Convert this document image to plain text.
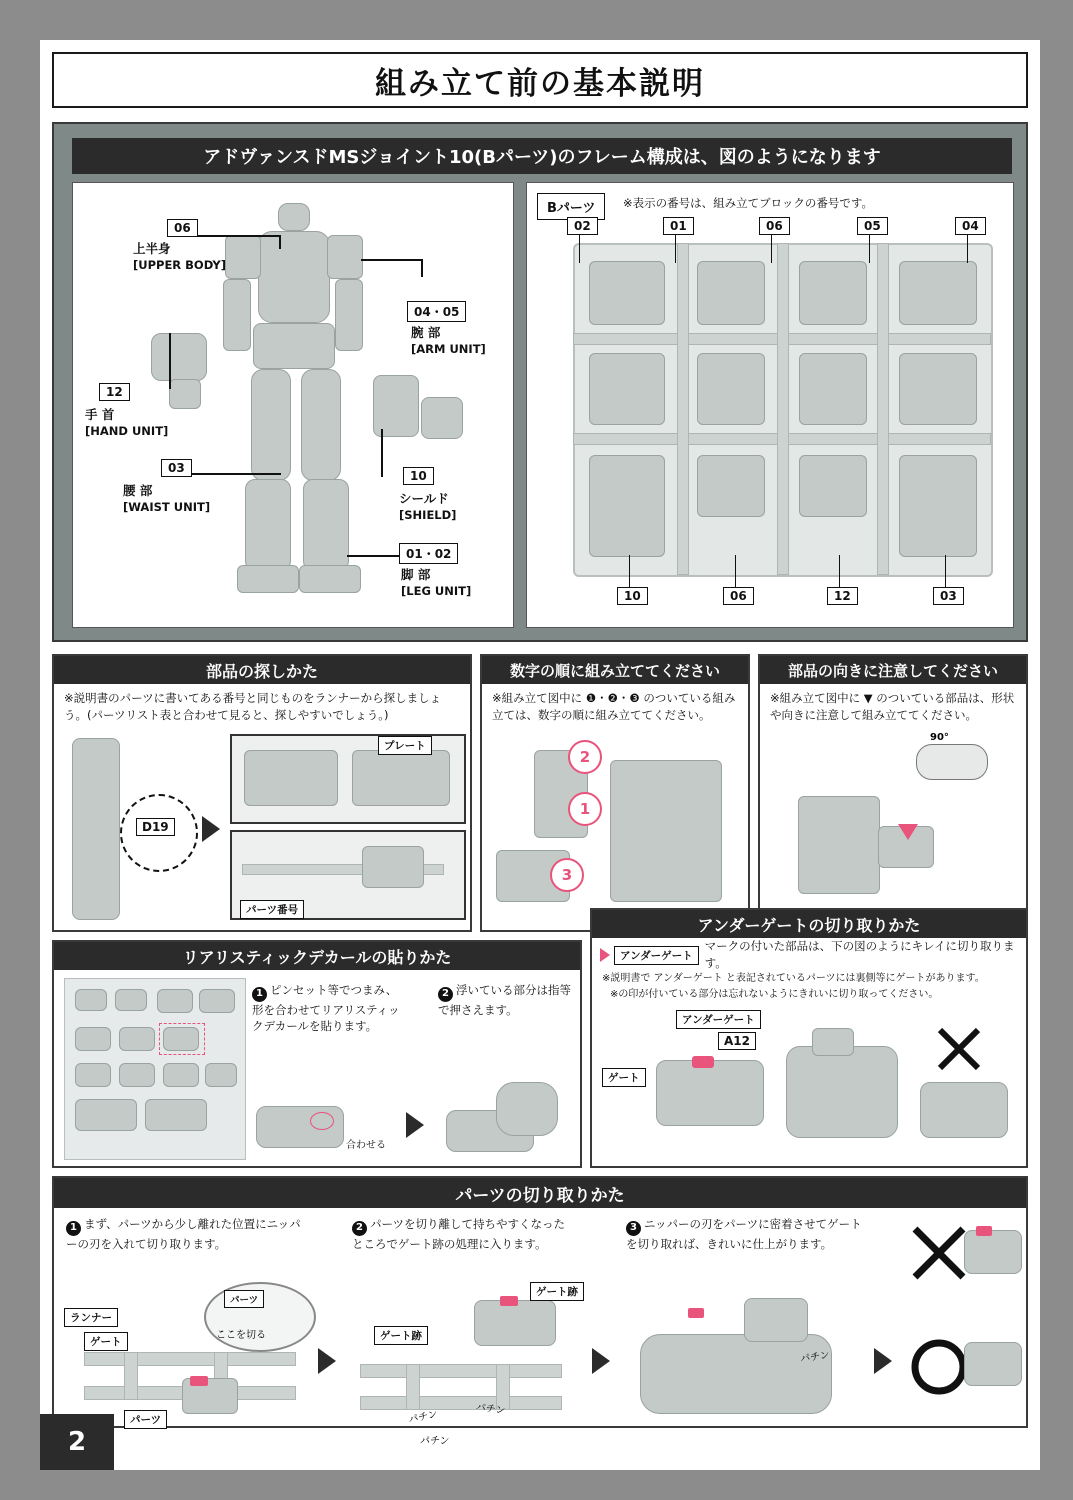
組み立て前の基本説明
アドヴァンスドMSジョイント10(Bパーツ)のフレーム構成は、図のようになります
06
上半身
[UPPER BODY]
04・05
腕 部
[ARM UNIT]
12
手 首
[HAND UNIT]
10
シールド
[SHIELD]
03
腰 部
[WAIST UNIT]
01・02
脚 部
[LEG UNIT]
Bパーツ	※表示の番号は、組み立てブロックの番号です。
02	01	06	05	04
10	06	12	03
部品の探しかた
※説明書のパーツに書いてある番号と同じものをランナーから探しましょう。(パーツリスト表と合わせて見ると、探しやすいでしょう。)
D19
プレート
パーツ番号
数字の順に組み立ててください
※組み立て図中に ❶・❷・❸ のついている組み立ては、数字の順に組み立ててください。
2
1
3
部品の向きに注意してください
※組み立て図中に ▼ のついている部品は、形状や向きに注意して組み立ててください。
90°
リアリスティックデカールの貼りかた
1 ピンセット等でつまみ、形を合わせてリアリスティックデカールを貼ります。
合わせる
2 浮いている部分は指等で押さえます。
アンダーゲートの切り取りかた
アンダーゲート
マークの付いた部品は、下の図のようにキレイに切り取ります。
※説明書で アンダーゲート と表記されているパーツには裏側等にゲートがあります。
※の印が付いている部分は忘れないようにきれいに切り取ってください。
アンダーゲート
A12
ゲート
パーツの切り取りかた
1 まず、パーツから少し離れた位置にニッパーの刃を入れて切り取ります。
ランナー
ゲート
パーツ
パーツ
ここを切る
2 パーツを切り離して持ちやすくなったところでゲート跡の処理に入ります。
ゲート跡
ゲート跡
パチン	パチン
パチン
3 ニッパーの刃をパーツに密着させてゲートを切り取れば、きれいに仕上がります。
パチン
2
